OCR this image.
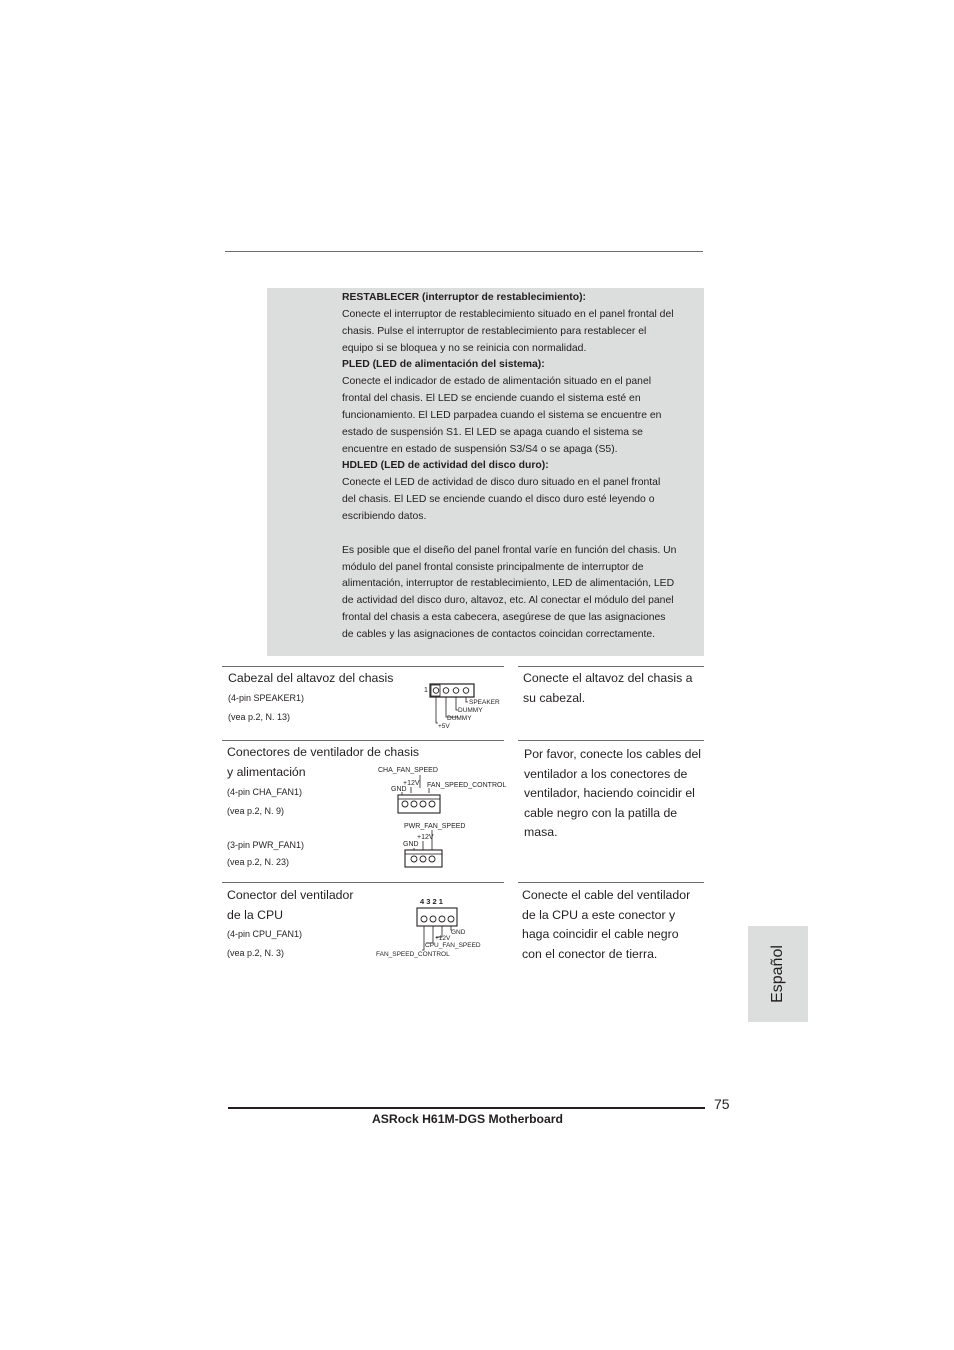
RESTABLECER (interruptor de restablecimiento):

Conecte el interruptor de restablecimiento situado en el panel frontal del

chasis. Pulse el interruptor de restablecimiento para restablecer el

equipo si se bloquea y no se reinicia con normalidad.

PLED (LED de alimentación del sistema):

Conecte el indicador de estado de alimentación situado en el panel

frontal del chasis. El LED se enciende cuando el sistema esté en

funcionamiento. El LED parpadea cuando el sistema se encuentre en

estado de suspensión S1. El LED se apaga cuando el sistema se

encuentre en estado de suspensión S3/S4 o se apaga (S5).

HDLED (LED de actividad del disco duro):

Conecte el LED de actividad de disco duro situado en el panel frontal

del chasis. El LED se enciende cuando el disco duro esté leyendo o

escribiendo datos.

Es posible que el diseño del panel frontal varíe en función del chasis. Un

módulo del panel frontal consiste principalmente de interruptor de

alimentación, interruptor de restablecimiento, LED de alimentación, LED

de actividad del disco duro, altavoz, etc. Al conectar el módulo del panel

frontal del chasis a esta cabecera, asegúrese de que las asignaciones

de cables y las asignaciones de contactos coincidan correctamente.

Cabezal del altavoz del chasis
(4-pin SPEAKER1)
(vea p.2, N. 13)
Conecte el altavoz del chasis a
su cabezal.
1
SPEAKER
DUMMY
DUMMY
+5V
Conectores de ventilador de chasis
y alimentación
(4-pin CHA_FAN1)
(vea p.2, N. 9)
(3-pin PWR_FAN1)
(vea p.2, N. 23)
Por favor, conecte los cables del
ventilador a los conectores de
ventilador, haciendo coincidir el
cable negro con la patilla de
masa.
CHA_FAN_SPEED
+12V
GND
FAN_SPEED_CONTROL
PWR_FAN_SPEED
+12V
GND
Conector del ventilador
de la CPU
(4-pin CPU_FAN1)
(vea p.2, N. 3)
Conecte el cable del ventilador
de la CPU a este conector y
haga coincidir el cable negro
con el conector de tierra.
4 3 2 1
GND
+12V
CPU_FAN_SPEED
FAN_SPEED_CONTROL	Español
75
ASRock H61M-DGS Motherboard
